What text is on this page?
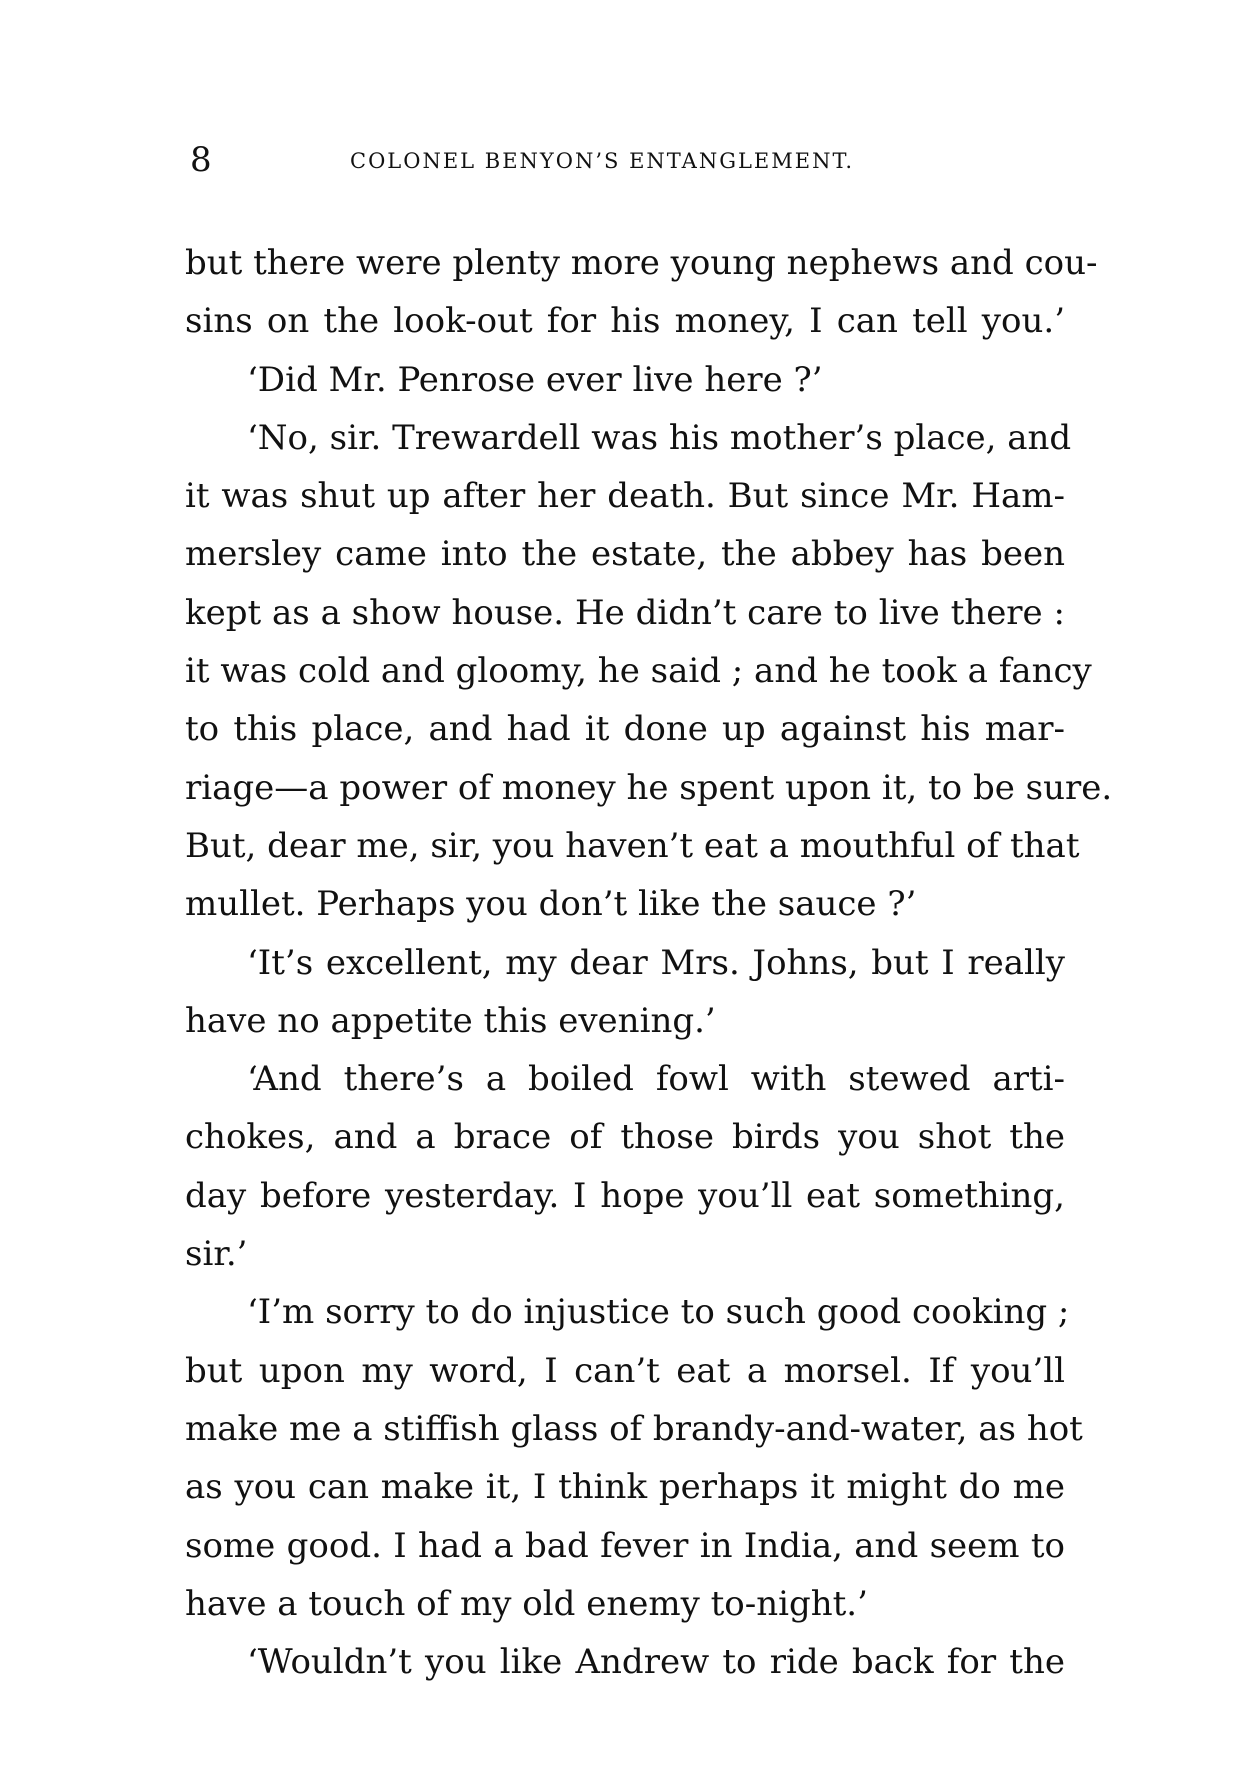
8	COLONEL BENYON’S ENTANGLEMENT.
but there were plenty more young nephews and cou-
sins on the look-out for his money, I can tell you.’
‘Did Mr. Penrose ever live here ?’
‘No, sir. Trewardell was his mother’s place, and
it was shut up after her death. But since Mr. Ham-
mersley came into the estate, the abbey has been
kept as a show house. He didn’t care to live there :
it was cold and gloomy, he said ; and he took a fancy
to this place, and had it done up against his mar-
riage—a power of money he spent upon it, to be sure.
But, dear me, sir, you haven’t eat a mouthful of that
mullet. Perhaps you don’t like the sauce ?’
‘It’s excellent, my dear Mrs. Johns, but I really
have no appetite this evening.’
‘And there’s a boiled fowl with stewed arti-
chokes, and a brace of those birds you shot the
day before yesterday. I hope you’ll eat something,
sir.’
‘I’m sorry to do injustice to such good cooking ;
but upon my word, I can’t eat a morsel. If you’ll
make me a stiffish glass of brandy-and-water, as hot
as you can make it, I think perhaps it might do me
some good. I had a bad fever in India, and seem to
have a touch of my old enemy to-night.’
‘Wouldn’t you like Andrew to ride back for the
